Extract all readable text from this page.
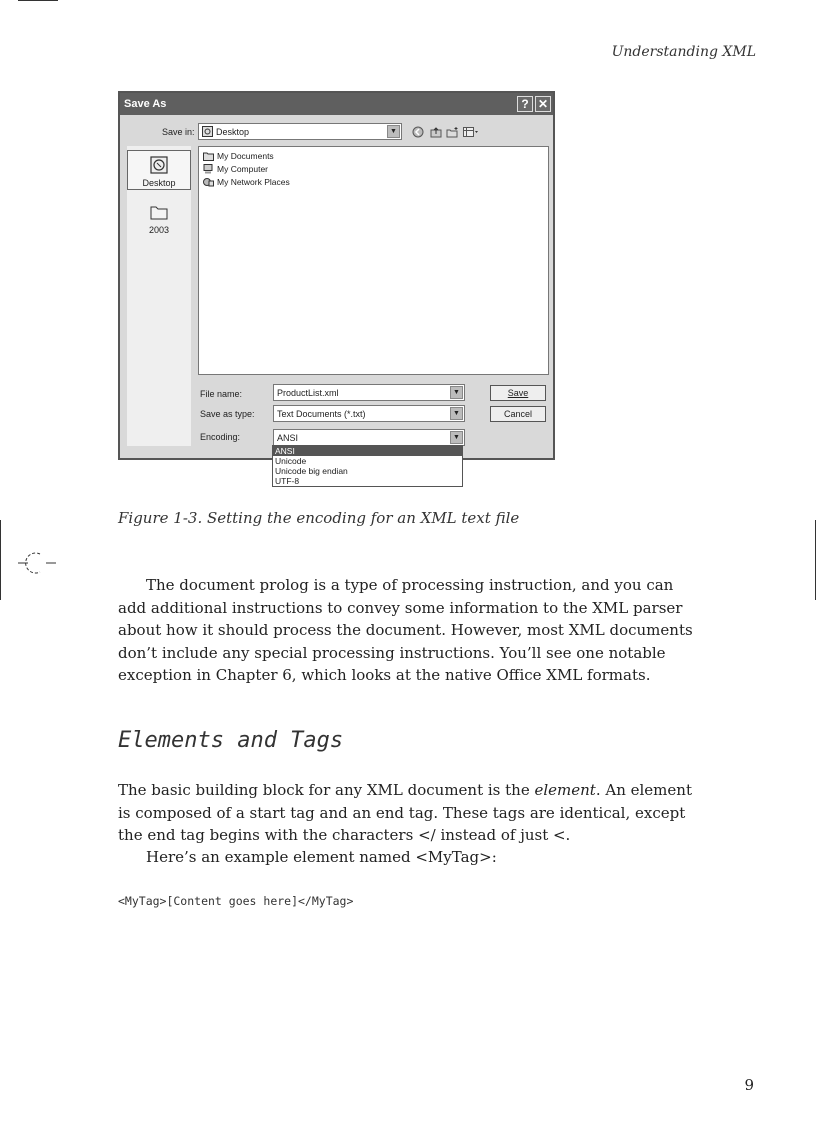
Understanding XML
Save As	? ✕
Save in: Desktop	▼
Desktop
2003
My Documents
My Computer
My Network Places
File name:	ProductList.xml	▼	Save
Save as type: Text Documents (*.txt)	▼	Cancel
Encoding:	ANSI	▼
ANSI
Unicode
Unicode big endian
UTF-8
Figure 1-3. Setting the encoding for an XML text file

The document prolog is a type of processing instruction, and you can add additional instructions to convey some information to the XML parser about how it should process the document. However, most XML documents don’t include any special processing instructions. You’ll see one notable exception in Chapter 6, which looks at the native Office XML formats.

Elements and Tags

The basic building block for any XML document is the element. An element is composed of a start tag and an end tag. These tags are identical, except the end tag begins with the characters </ instead of just <.

Here’s an example element named <MyTag>:

<MyTag>[Content goes here]</MyTag>
9
